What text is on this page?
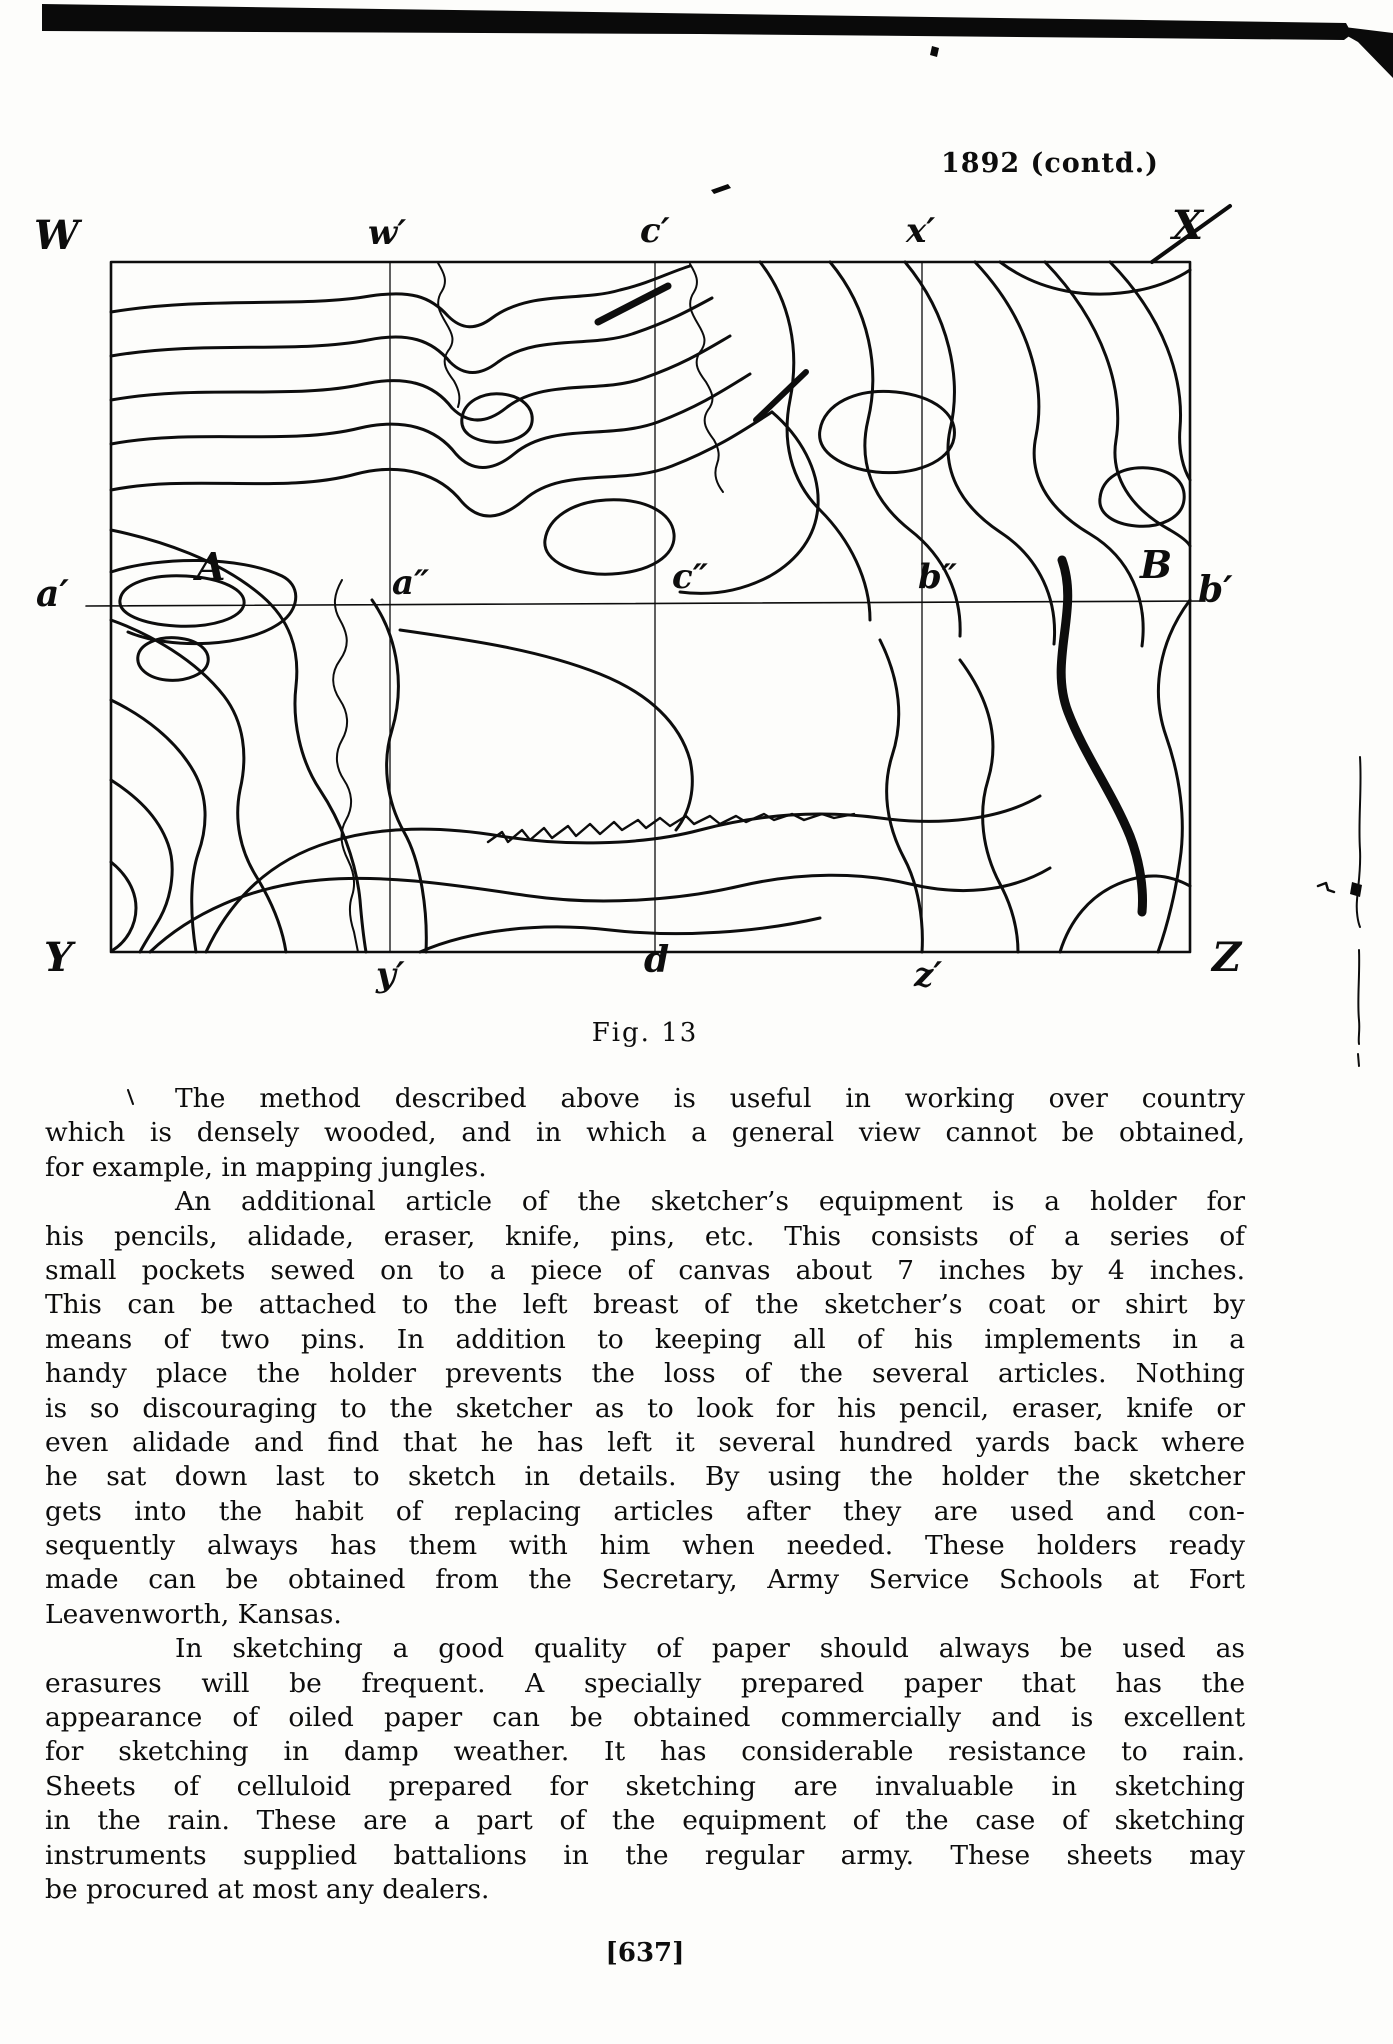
1892 (contd.)
W	w′	c′	x′	X
a′
A	a″	c″	b″	B
b′
Y	y′	d	z′	Z
Fig. 13
The method described above is useful in working over country
which is densely wooded, and in which a general view cannot be obtained,
for example, in mapping jungles.
An additional article of the sketcher’s equipment is a holder for
his pencils, alidade, eraser, knife, pins, etc. This consists of a series of
small pockets sewed on to a piece of canvas about 7 inches by 4 inches.
This can be attached to the left breast of the sketcher’s coat or shirt by
means of two pins. In addition to keeping all of his implements in a
handy place the holder prevents the loss of the several articles. Nothing
is so discouraging to the sketcher as to look for his pencil, eraser, knife or
even alidade and find that he has left it several hundred yards back where
he sat down last to sketch in details. By using the holder the sketcher
gets into the habit of replacing articles after they are used and con-
sequently always has them with him when needed. These holders ready
made can be obtained from the Secretary, Army Service Schools at Fort
Leavenworth, Kansas.
In sketching a good quality of paper should always be used as
erasures will be frequent. A specially prepared paper that has the
appearance of oiled paper can be obtained commercially and is excellent
for sketching in damp weather. It has considerable resistance to rain.
Sheets of celluloid prepared for sketching are invaluable in sketching
in the rain. These are a part of the equipment of the case of sketching
instruments supplied battalions in the regular army. These sheets may
be procured at most any dealers.
[637]
